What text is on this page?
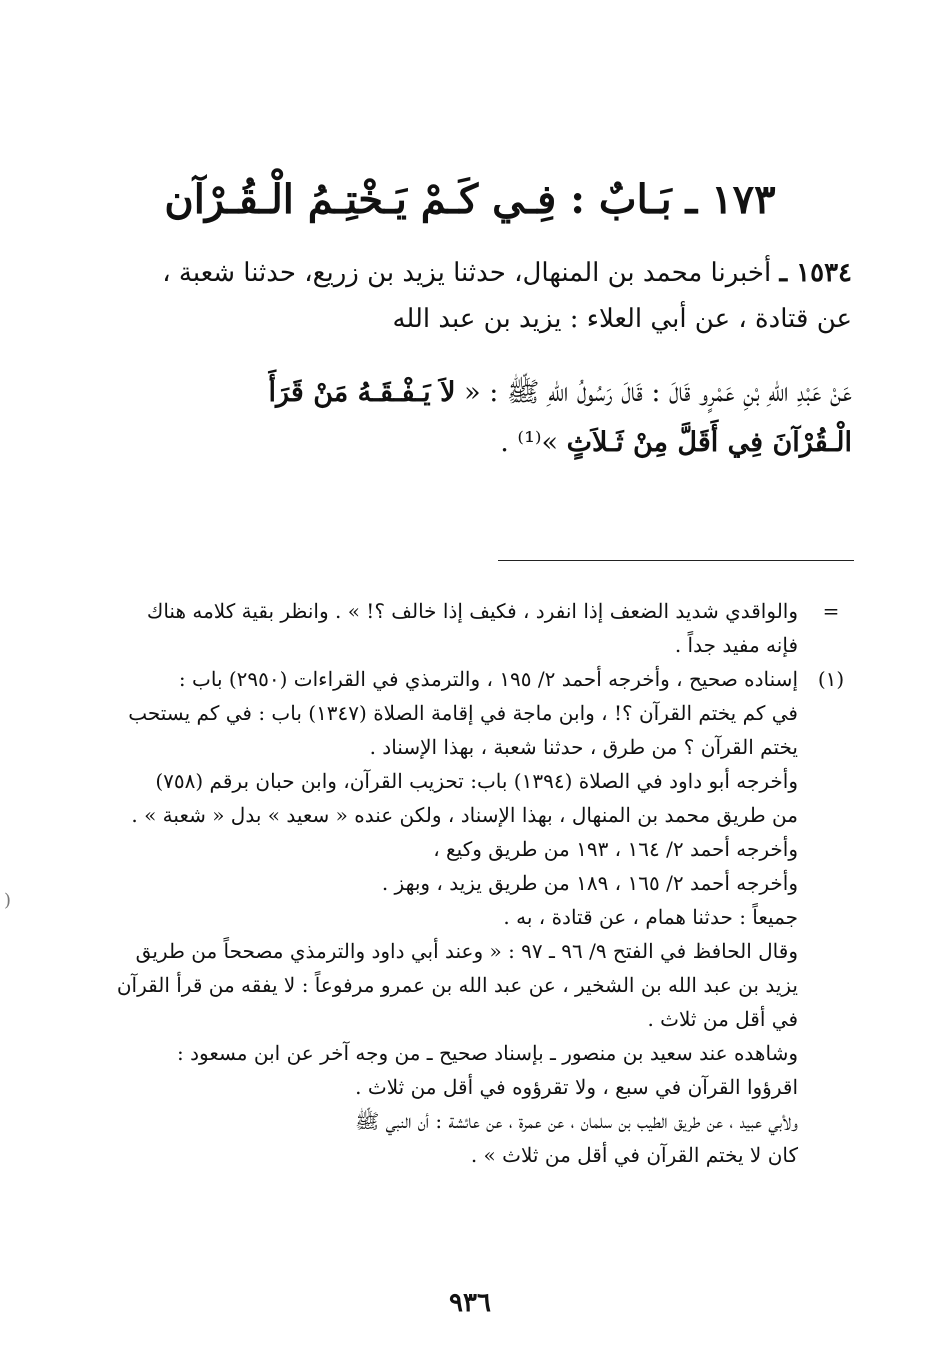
١٧٣ ـ بَـابٌ : فِـي كَـمْ يَـخْتِـمُ الْـقُـرْآن

١٥٣٤ ـ أخبرنا محمد بن المنهال، حدثنا يزيد بن زريع، حدثنا شعبة ،

عن قتادة ، عن أبي العلاء : يزيد بن عبد الله

عَنْ عَبْدِ اللهِ بْنِ عَمْرٍو قَالَ : قَالَ رَسُولُ اللهِ ﷺ : « لاَ يَـفْـقَـهُ مَنْ قَرَأَ

الْـقُرْآنَ فِي أَقَلَّ مِنْ ثَـلاَثٍ »⁽¹⁾ .

=
والواقدي شديد الضعف إذا انفرد ، فكيف إذا خالف ؟! » . وانظر بقية كلامه هناك
فإنه مفيد جداً .
(١)
إسناده صحيح ، وأخرجه أحمد ٢/ ١٩٥ ، والترمذي في القراءات (٢٩٥٠) باب :
في كم يختم القرآن ؟! ، وابن ماجة في إقامة الصلاة (١٣٤٧) باب : في كم يستحب
يختم القرآن ؟ من طرق ، حدثنا شعبة ، بهذا الإسناد .
وأخرجه أبو داود في الصلاة (١٣٩٤) باب: تحزيب القرآن، وابن حبان برقم (٧٥٨)
من طريق محمد بن المنهال ، بهذا الإسناد ، ولكن عنده « سعيد » بدل « شعبة » .
وأخرجه أحمد ٢/ ١٦٤ ، ١٩٣ من طريق وكيع ،
وأخرجه أحمد ٢/ ١٦٥ ، ١٨٩ من طريق يزيد ، وبهز .
جميعاً : حدثنا همام ، عن قتادة ، به .
وقال الحافظ في الفتح ٩/ ٩٦ ـ ٩٧ : « وعند أبي داود والترمذي مصححاً من طريق
يزيد بن عبد الله بن الشخير ، عن عبد الله بن عمرو مرفوعاً : لا يفقه من قرأ القرآن
في أقل من ثلاث .
وشاهده عند سعيد بن منصور ـ بإسناد صحيح ـ من وجه آخر عن ابن مسعود :
اقرؤوا القرآن في سبع ، ولا تقرؤوه في أقل من ثلاث .
ولأبي عبيد ، عن طريق الطيب بن سلمان ، عن عمرة ، عن عائشة : أن النبي ﷺ
كان لا يختم القرآن في أقل من ثلاث » .
٩٣٦
)
